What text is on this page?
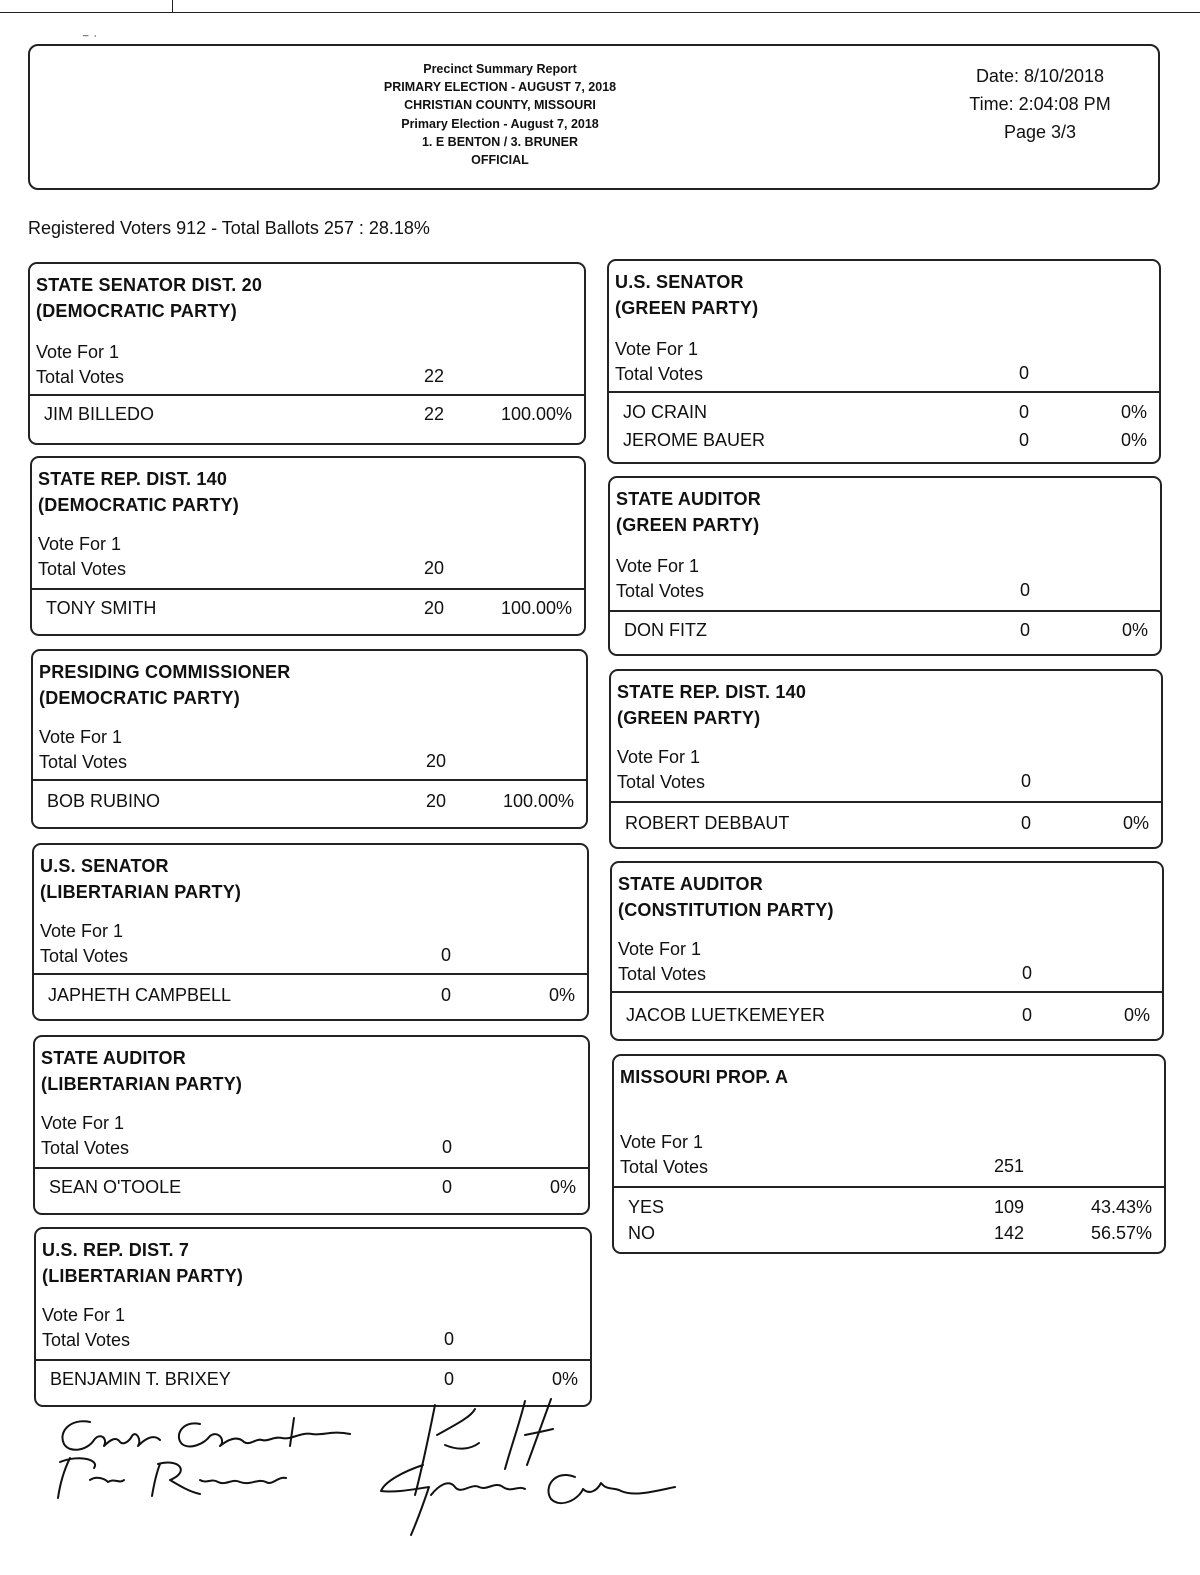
Precinct Summary Report
PRIMARY ELECTION - AUGUST 7, 2018
CHRISTIAN COUNTY, MISSOURI
Primary Election - August 7, 2018
1. E BENTON / 3. BRUNER
OFFICIAL
Date: 8/10/2018
Time: 2:04:08 PM
Page 3/3
Registered Voters 912 - Total Ballots 257 : 28.18%
STATE SENATOR DIST. 20
(DEMOCRATIC PARTY)
Vote For 1
Total Votes	22
JIM BILLEDO	22	100.00%
STATE REP. DIST. 140
(DEMOCRATIC PARTY)
Vote For 1
Total Votes	20
TONY SMITH	20	100.00%
PRESIDING COMMISSIONER
(DEMOCRATIC PARTY)
Vote For 1
Total Votes	20
BOB RUBINO	20	100.00%
U.S. SENATOR
(LIBERTARIAN PARTY)
Vote For 1
Total Votes	0
JAPHETH CAMPBELL	0	0%
STATE AUDITOR
(LIBERTARIAN PARTY)
Vote For 1
Total Votes	0
SEAN O'TOOLE	0	0%
U.S. REP. DIST. 7
(LIBERTARIAN PARTY)
Vote For 1
Total Votes	0
BENJAMIN T. BRIXEY	0	0%
U.S. SENATOR
(GREEN PARTY)
Vote For 1
Total Votes	0
JO CRAIN	0	0%
JEROME BAUER	0	0%
STATE AUDITOR
(GREEN PARTY)
Vote For 1
Total Votes	0
DON FITZ	0	0%
STATE REP. DIST. 140
(GREEN PARTY)
Vote For 1
Total Votes	0
ROBERT DEBBAUT	0	0%
STATE AUDITOR
(CONSTITUTION PARTY)
Vote For 1
Total Votes	0
JACOB LUETKEMEYER	0	0%
MISSOURI PROP. A
Vote For 1
Total Votes	251
YES	109	43.43%
NO	142	56.57%
⁻ ˑ
